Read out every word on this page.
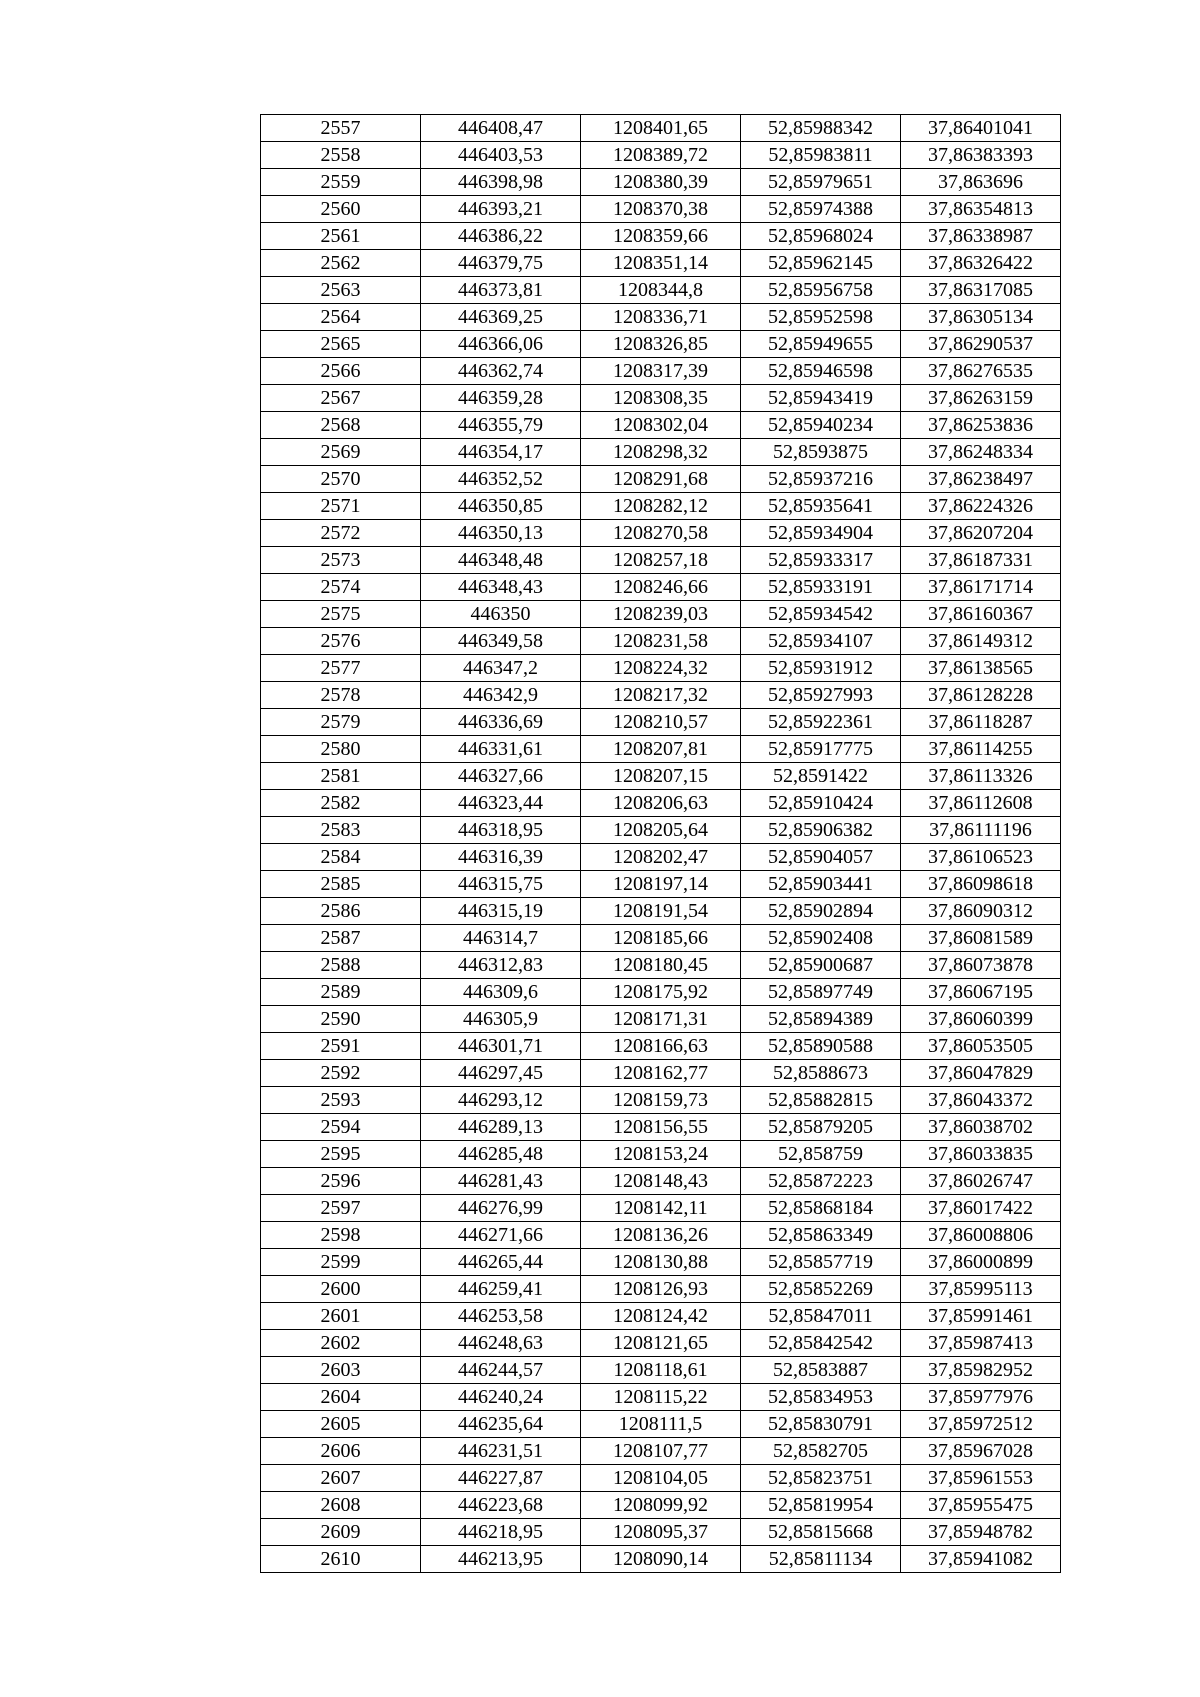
2557	446408,47	1208401,65	52,85988342	37,86401041
2558	446403,53	1208389,72	52,85983811	37,86383393
2559	446398,98	1208380,39	52,85979651	37,863696
2560	446393,21	1208370,38	52,85974388	37,86354813
2561	446386,22	1208359,66	52,85968024	37,86338987
2562	446379,75	1208351,14	52,85962145	37,86326422
2563	446373,81	1208344,8	52,85956758	37,86317085
2564	446369,25	1208336,71	52,85952598	37,86305134
2565	446366,06	1208326,85	52,85949655	37,86290537
2566	446362,74	1208317,39	52,85946598	37,86276535
2567	446359,28	1208308,35	52,85943419	37,86263159
2568	446355,79	1208302,04	52,85940234	37,86253836
2569	446354,17	1208298,32	52,8593875	37,86248334
2570	446352,52	1208291,68	52,85937216	37,86238497
2571	446350,85	1208282,12	52,85935641	37,86224326
2572	446350,13	1208270,58	52,85934904	37,86207204
2573	446348,48	1208257,18	52,85933317	37,86187331
2574	446348,43	1208246,66	52,85933191	37,86171714
2575	446350	1208239,03	52,85934542	37,86160367
2576	446349,58	1208231,58	52,85934107	37,86149312
2577	446347,2	1208224,32	52,85931912	37,86138565
2578	446342,9	1208217,32	52,85927993	37,86128228
2579	446336,69	1208210,57	52,85922361	37,86118287
2580	446331,61	1208207,81	52,85917775	37,86114255
2581	446327,66	1208207,15	52,8591422	37,86113326
2582	446323,44	1208206,63	52,85910424	37,86112608
2583	446318,95	1208205,64	52,85906382	37,86111196
2584	446316,39	1208202,47	52,85904057	37,86106523
2585	446315,75	1208197,14	52,85903441	37,86098618
2586	446315,19	1208191,54	52,85902894	37,86090312
2587	446314,7	1208185,66	52,85902408	37,86081589
2588	446312,83	1208180,45	52,85900687	37,86073878
2589	446309,6	1208175,92	52,85897749	37,86067195
2590	446305,9	1208171,31	52,85894389	37,86060399
2591	446301,71	1208166,63	52,85890588	37,86053505
2592	446297,45	1208162,77	52,8588673	37,86047829
2593	446293,12	1208159,73	52,85882815	37,86043372
2594	446289,13	1208156,55	52,85879205	37,86038702
2595	446285,48	1208153,24	52,858759	37,86033835
2596	446281,43	1208148,43	52,85872223	37,86026747
2597	446276,99	1208142,11	52,85868184	37,86017422
2598	446271,66	1208136,26	52,85863349	37,86008806
2599	446265,44	1208130,88	52,85857719	37,86000899
2600	446259,41	1208126,93	52,85852269	37,85995113
2601	446253,58	1208124,42	52,85847011	37,85991461
2602	446248,63	1208121,65	52,85842542	37,85987413
2603	446244,57	1208118,61	52,8583887	37,85982952
2604	446240,24	1208115,22	52,85834953	37,85977976
2605	446235,64	1208111,5	52,85830791	37,85972512
2606	446231,51	1208107,77	52,8582705	37,85967028
2607	446227,87	1208104,05	52,85823751	37,85961553
2608	446223,68	1208099,92	52,85819954	37,85955475
2609	446218,95	1208095,37	52,85815668	37,85948782
2610	446213,95	1208090,14	52,85811134	37,85941082
